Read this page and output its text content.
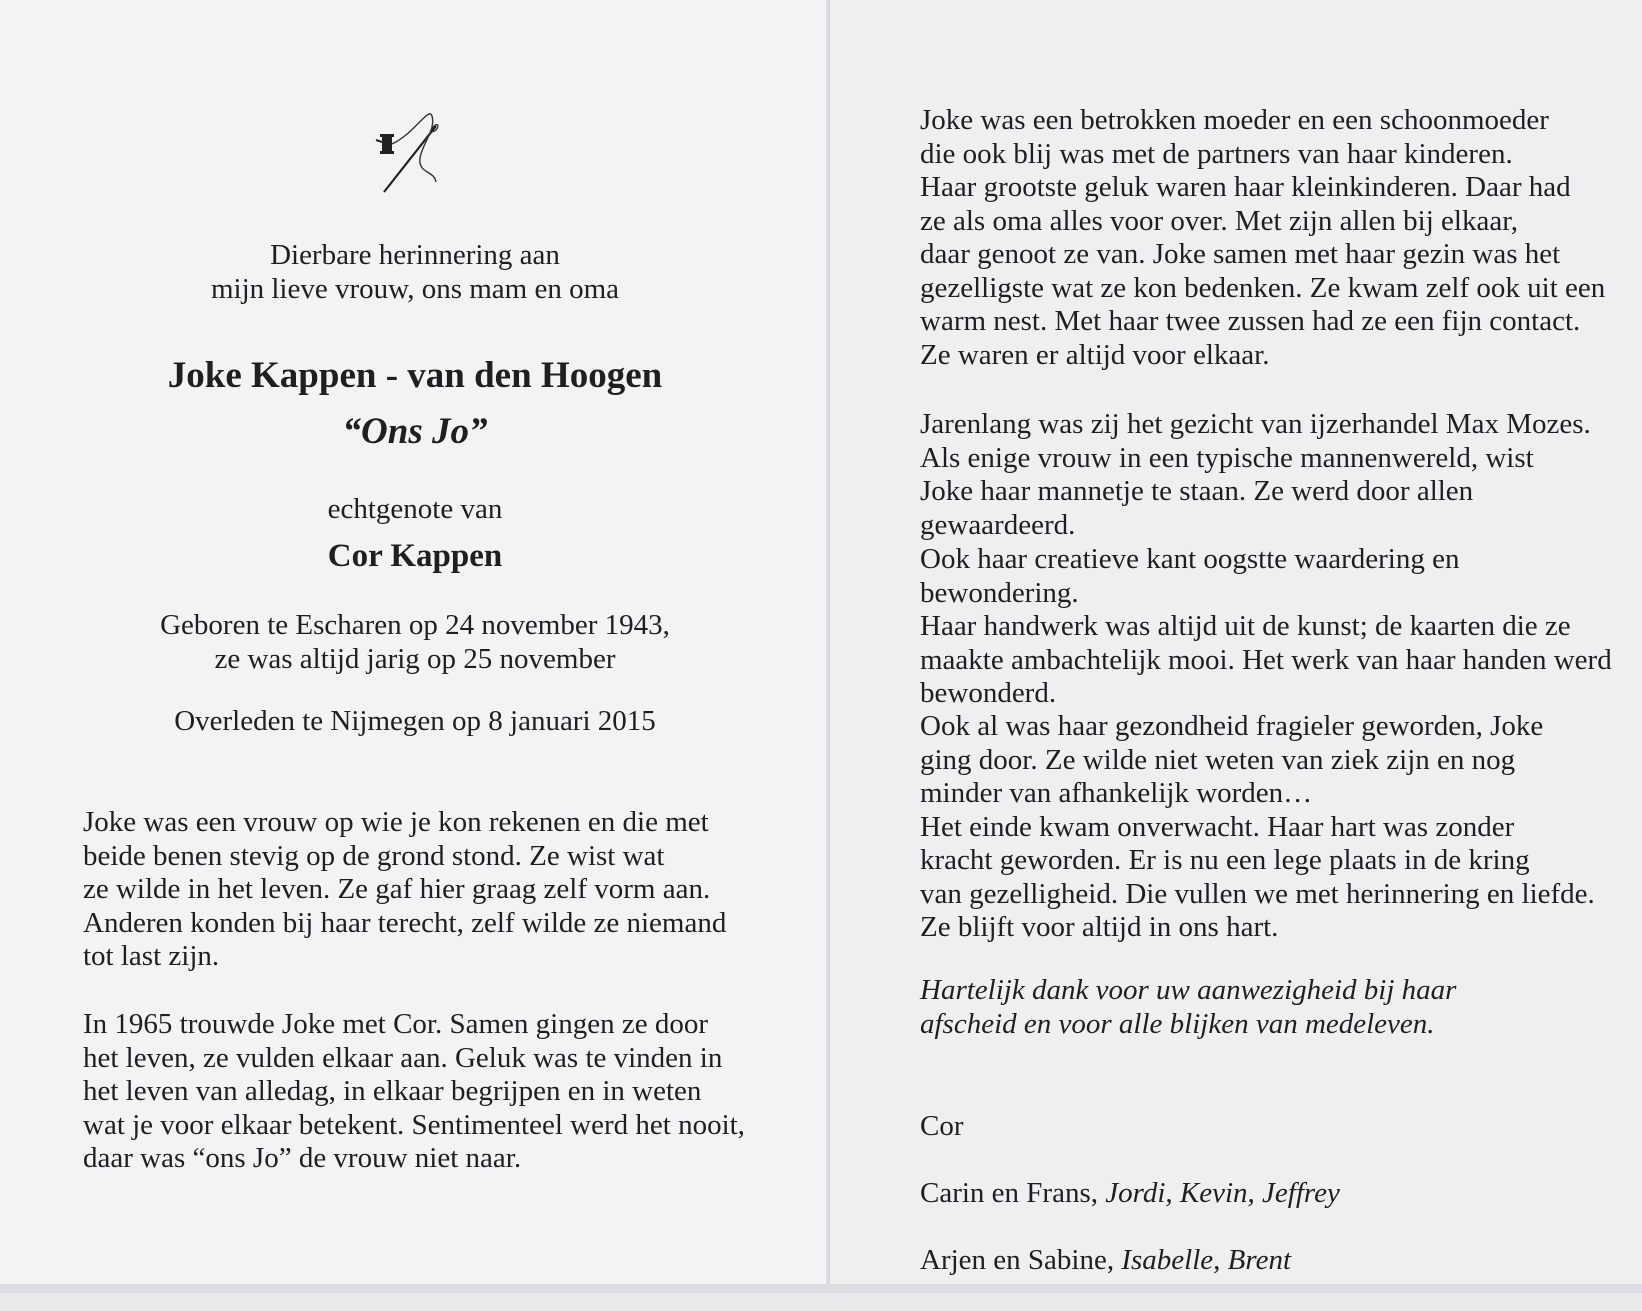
Dierbare herinnering aan
mijn lieve vrouw, ons mam en oma
Joke Kappen - van den Hoogen
“Ons Jo”
echtgenote van
Cor Kappen
Geboren te Escharen op 24 november 1943,
ze was altijd jarig op 25 november
Overleden te Nijmegen op 8 januari 2015
Joke was een vrouw op wie je kon rekenen en die met
beide benen stevig op de grond stond. Ze wist wat
ze wilde in het leven. Ze gaf hier graag zelf vorm aan.
Anderen konden bij haar terecht, zelf wilde ze niemand
tot last zijn.
In 1965 trouwde Joke met Cor. Samen gingen ze door
het leven, ze vulden elkaar aan. Geluk was te vinden in
het leven van alledag, in elkaar begrijpen en in weten
wat je voor elkaar betekent. Sentimenteel werd het nooit,
daar was “ons Jo” de vrouw niet naar.
Joke was een betrokken moeder en een schoonmoeder
die ook blij was met de partners van haar kinderen.
Haar grootste geluk waren haar kleinkinderen. Daar had
ze als oma alles voor over. Met zijn allen bij elkaar,
daar genoot ze van. Joke samen met haar gezin was het
gezelligste wat ze kon bedenken. Ze kwam zelf ook uit een
warm nest. Met haar twee zussen had ze een fijn contact.
Ze waren er altijd voor elkaar.
Jarenlang was zij het gezicht van ijzerhandel Max Mozes.
Als enige vrouw in een typische mannenwereld, wist
Joke haar mannetje te staan. Ze werd door allen gewaardeerd.
Ook haar creatieve kant oogstte waardering en bewondering.
Haar handwerk was altijd uit de kunst; de kaarten die ze
maakte ambachtelijk mooi. Het werk van haar handen werd
bewonderd.
Ook al was haar gezondheid fragieler geworden, Joke
ging door. Ze wilde niet weten van ziek zijn en nog
minder van afhankelijk worden…
Het einde kwam onverwacht. Haar hart was zonder
kracht geworden. Er is nu een lege plaats in de kring
van gezelligheid. Die vullen we met herinnering en liefde.
Ze blijft voor altijd in ons hart.
Hartelijk dank voor uw aanwezigheid bij haar
afscheid en voor alle blijken van medeleven.

Cor

Carin en Frans, Jordi, Kevin, Jeffrey

Arjen en Sabine, Isabelle, Brent
